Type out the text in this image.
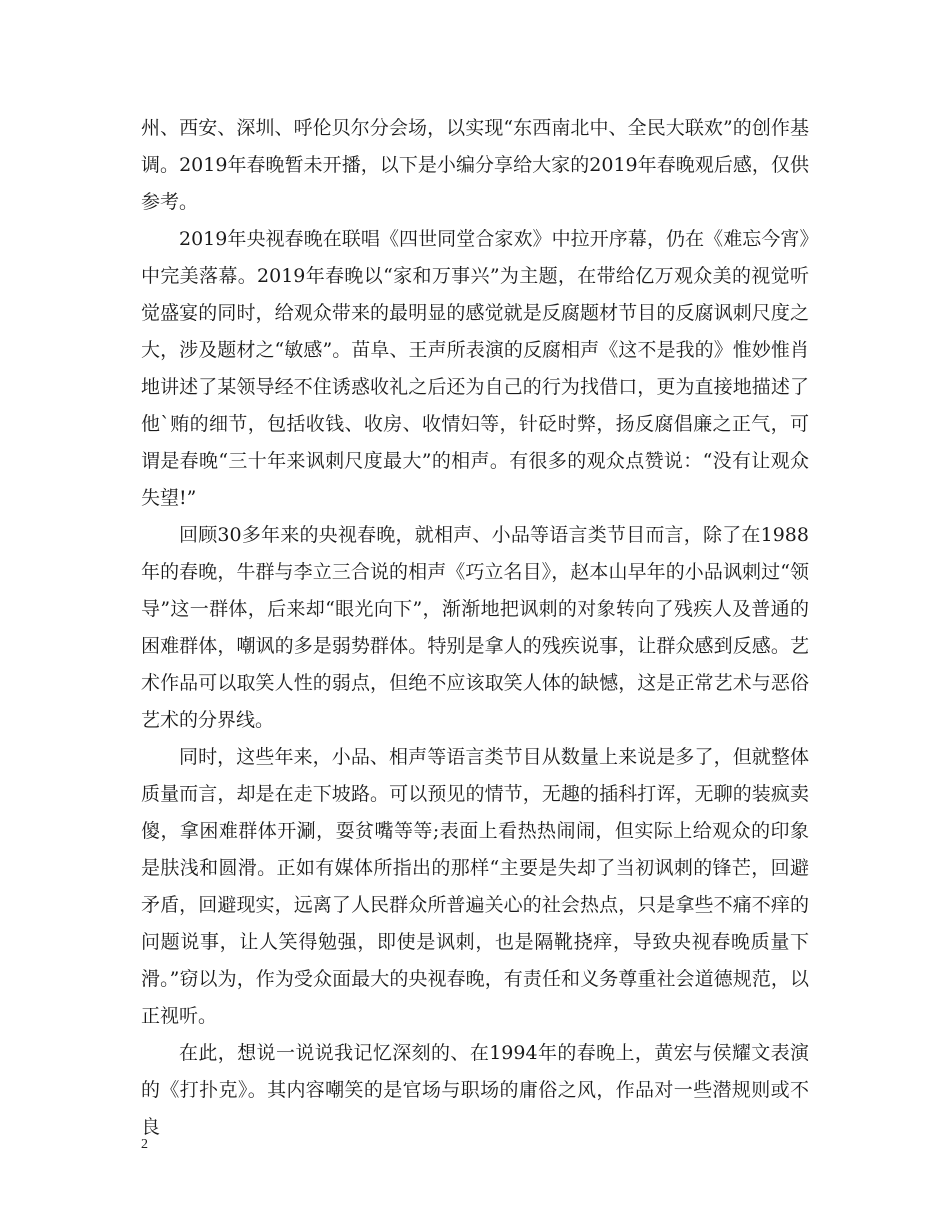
州、西安、深圳、呼伦贝尔分会场，以实现“东西南北中、全民大联欢”的创作基调。2019年春晚暂未开播，以下是小编分享给大家的2019年春晚观后感，仅供参考。

2019年央视春晚在联唱《四世同堂合家欢》中拉开序幕，仍在《难忘今宵》中完美落幕。2019年春晚以“家和万事兴”为主题，在带给亿万观众美的视觉听觉盛宴的同时，给观众带来的最明显的感觉就是反腐题材节目的反腐讽刺尺度之大，涉及题材之“敏感”。苗阜、王声所表演的反腐相声《这不是我的》惟妙惟肖地讲述了某领导经不住诱惑收礼之后还为自己的行为找借口，更为直接地描述了他`贿的细节，包括收钱、收房、收情妇等，针砭时弊，扬反腐倡廉之正气，可谓是春晚“三十年来讽刺尺度最大”的相声。有很多的观众点赞说：“没有让观众失望!”

回顾30多年来的央视春晚，就相声、小品等语言类节目而言，除了在1988年的春晚，牛群与李立三合说的相声《巧立名目》，赵本山早年的小品讽刺过“领导”这一群体，后来却“眼光向下”，渐渐地把讽刺的对象转向了残疾人及普通的困难群体，嘲讽的多是弱势群体。特别是拿人的残疾说事，让群众感到反感。艺术作品可以取笑人性的弱点，但绝不应该取笑人体的缺憾，这是正常艺术与恶俗艺术的分界线。

同时，这些年来，小品、相声等语言类节目从数量上来说是多了，但就整体质量而言，却是在走下坡路。可以预见的情节，无趣的插科打诨，无聊的装疯卖傻，拿困难群体开涮，耍贫嘴等等;表面上看热热闹闹，但实际上给观众的印象是肤浅和圆滑。正如有媒体所指出的那样“主要是失却了当初讽刺的锋芒，回避矛盾，回避现实，远离了人民群众所普遍关心的社会热点，只是拿些不痛不痒的问题说事，让人笑得勉强，即使是讽刺，也是隔靴挠痒，导致央视春晚质量下滑。”窃以为，作为受众面最大的央视春晚，有责任和义务尊重社会道德规范，以正视听。

在此，想说一说说我记忆深刻的、在1994年的春晚上，黄宏与侯耀文表演的《打扑克》。其内容嘲笑的是官场与职场的庸俗之风，作品对一些潜规则或不良

2
